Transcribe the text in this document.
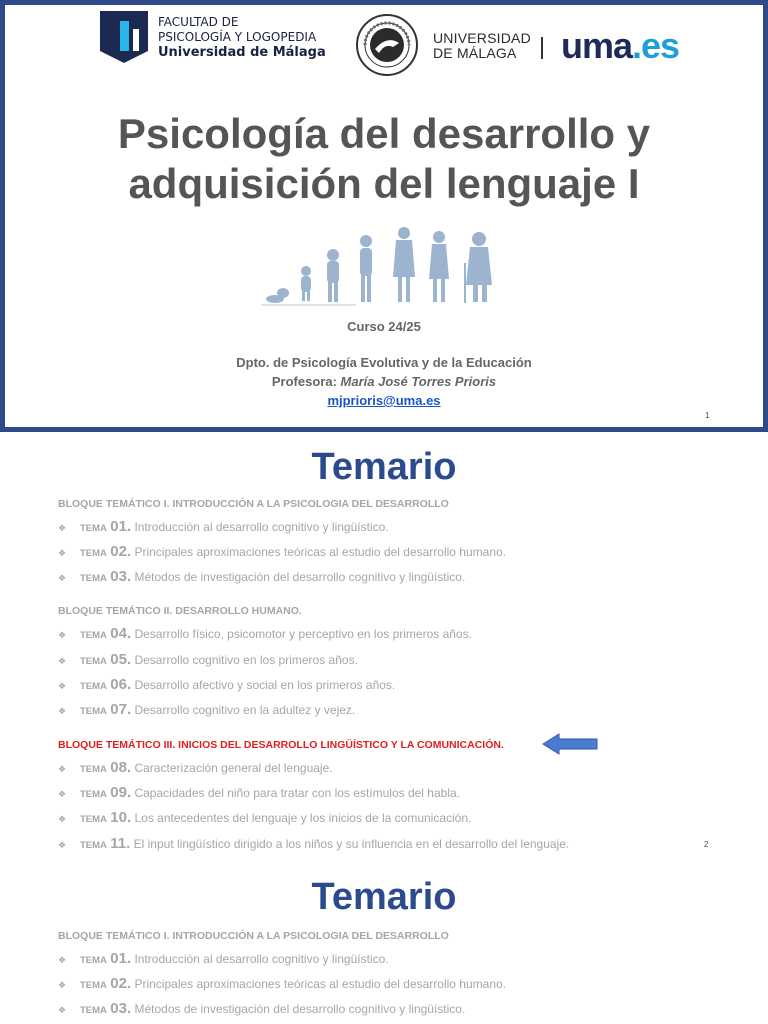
FACULTAD DE
PSICOLOGÍA Y LOGOPEDIA
Universidad de Málaga
UNIVERSIDAD
DE MÁLAGA	uma.es
Psicología del desarrollo y
adquisición del lenguaje I
Curso 24/25
Dpto. de Psicología Evolutiva y de la Educación
Profesora: María José Torres Prioris
mjprioris@uma.es
1
Temario
BLOQUE TEMÁTICO I. INTRODUCCIÓN A LA PSICOLOGIA DEL DESARROLLO
❖ TEMA 01. Introducción al desarrollo cognitivo y lingüístico.
❖ TEMA 02. Principales aproximaciones teóricas al estudio del desarrollo humano.
❖ TEMA 03. Métodos de investigación del desarrollo cognitivo y lingüístico.
BLOQUE TEMÁTICO II. DESARROLLO HUMANO.
❖ TEMA 04. Desarrollo físico, psicomotor y perceptivo en los primeros años.
❖ TEMA 05. Desarrollo cognitivo en los primeros años.
❖ TEMA 06. Desarrollo afectivo y social en los primeros años.
❖ TEMA 07. Desarrollo cognitivo en la adultez y vejez.
BLOQUE TEMÁTICO III. INICIOS DEL DESARROLLO LINGÜÍSTICO Y LA COMUNICACIÓN.
❖ TEMA 08. Caracterización general del lenguaje.
❖ TEMA 09. Capacidades del niño para tratar con los estímulos del habla.
❖ TEMA 10. Los antecedentes del lenguaje y los inicios de la comunicación.
❖ TEMA 11. El input lingüístico dirigido a los niños y su influencia en el desarrollo del lenguaje.	2
Temario
BLOQUE TEMÁTICO I. INTRODUCCIÓN A LA PSICOLOGIA DEL DESARROLLO
❖ TEMA 01. Introducción al desarrollo cognitivo y lingüístico.
❖ TEMA 02. Principales aproximaciones teóricas al estudio del desarrollo humano.
❖ TEMA 03. Métodos de investigación del desarrollo cognitivo y lingüístico.
